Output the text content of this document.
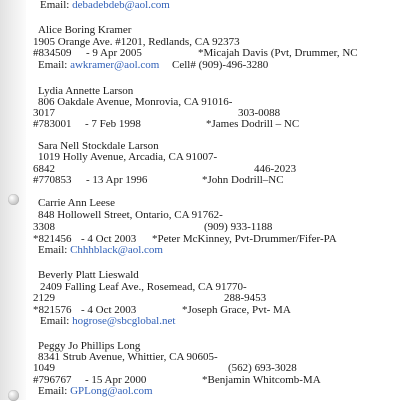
Email: debadebdeb@aol.com
Alice Boring Kramer
1905 Orange Ave. #1201, Redlands, CA 92373
#834509 - 9 Apr 2005	*Micajah Davis (Pvt, Drummer, NC
Email: awkramer@aol.com Cell# (909)-496-3280
Lydia Annette Larson
806 Oakdale Avenue, Monrovia, CA 91016-
3017	303-0088
#783001 - 7 Feb 1998	*James Dodrill – NC
Sara Nell Stockdale Larson
1019 Holly Avenue, Arcadia, CA 91007-
6842	446-2023
#770853 - 13 Apr 1996	*John Dodrill–NC
Carrie Ann Leese
848 Hollowell Street, Ontario, CA 91762-
3308	(909) 933-1188
*821456 - 4 Oct 2003 *Peter McKinney, Pvt-Drummer/Fifer-PA
Email: Chhhblack@aol.com
Beverly Platt Lieswald
2409 Falling Leaf Ave., Rosemead, CA 91770-
2129	288-9453
*821576 - 4 Oct 2003	*Joseph Grace, Pvt- MA
Email: hogrose@sbcglobal.net
Peggy Jo Phillips Long
8341 Strub Avenue, Whittier, CA 90605-
1049	(562) 693-3028
#796767 - 15 Apr 2000	*Benjamin Whitcomb-MA
Email: GPLong@aol.com
